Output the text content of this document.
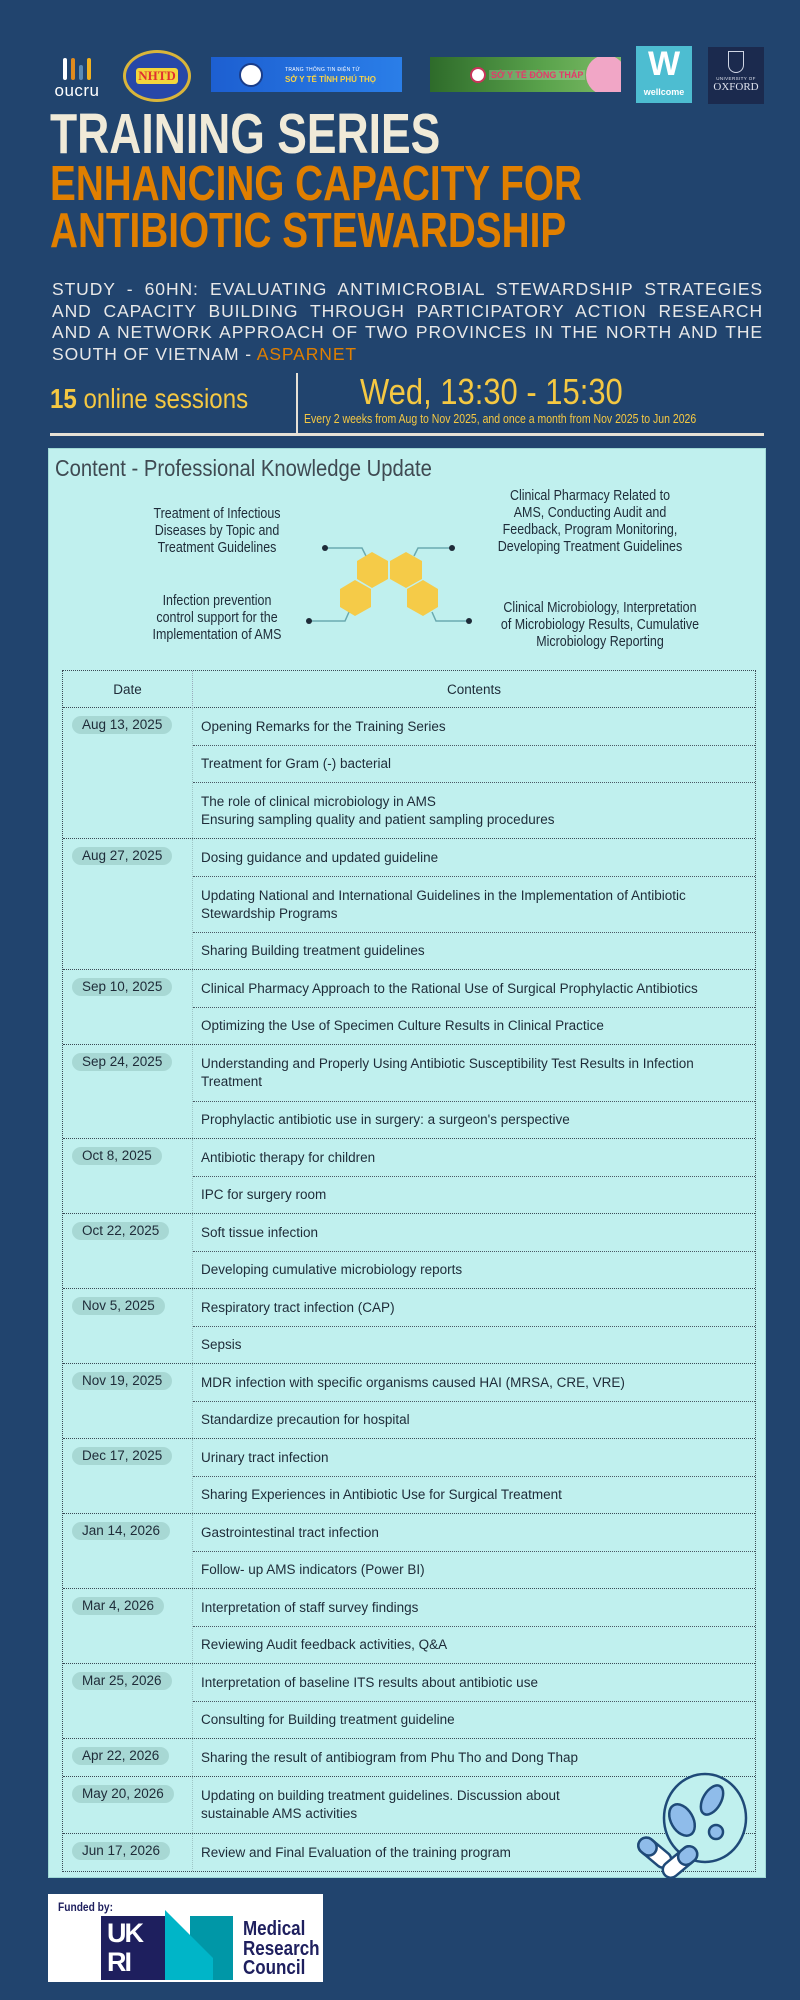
oucru
NHTD	TRANG THÔNG TIN ĐIỆN TỬ
SỞ Y TẾ TỈNH PHÚ THỌ	SỞ Y TẾ ĐỒNG THÁP	W
wellcome
UNIVERSITY OF
OXFORD
TRAINING SERIES
ENHANCING CAPACITY FOR
ANTIBIOTIC STEWARDSHIP
STUDY - 60HN: EVALUATING ANTIMICROBIAL STEWARDSHIP STRATEGIES AND CAPACITY BUILDING THROUGH PARTICIPATORY ACTION RESEARCH AND A NETWORK APPROACH OF TWO PROVINCES IN THE NORTH AND THE SOUTH OF VIETNAM - ASPARNET
15 online sessions	Wed, 13:30 - 15:30
Every 2 weeks from Aug to Nov 2025, and once a month from Nov 2025 to Jun 2026
Content - Professional Knowledge Update
Treatment of Infectious
Diseases by Topic and
Treatment Guidelines
Clinical Pharmacy Related to
AMS, Conducting Audit and
Feedback, Program Monitoring,
Developing Treatment Guidelines
Infection prevention
control support for the
Implementation of AMS
Clinical Microbiology, Interpretation
of Microbiology Results, Cumulative
Microbiology Reporting
Date	Contents
Aug 13, 2025	Opening Remarks for the Training Series
Treatment for Gram (-) bacterial
The role of clinical microbiology in AMS
Ensuring sampling quality and patient sampling procedures
Aug 27, 2025	Dosing guidance and updated guideline
Updating National and International Guidelines in the Implementation of Antibiotic Stewardship Programs
Sharing Building treatment guidelines
Sep 10, 2025	Clinical Pharmacy Approach to the Rational Use of Surgical Prophylactic Antibiotics
Optimizing the Use of Specimen Culture Results in Clinical Practice
Sep 24, 2025	Understanding and Properly Using Antibiotic Susceptibility Test Results in Infection Treatment
Prophylactic antibiotic use in surgery: a surgeon's perspective
Oct 8, 2025	Antibiotic therapy for children
IPC for surgery room
Oct 22, 2025	Soft tissue infection
Developing cumulative microbiology reports
Nov 5, 2025	Respiratory tract infection (CAP)
Sepsis
Nov 19, 2025	MDR infection with specific organisms caused HAI (MRSA, CRE, VRE)
Standardize precaution for hospital
Dec 17, 2025	Urinary tract infection
Sharing Experiences in Antibiotic Use for Surgical Treatment
Jan 14, 2026	Gastrointestinal tract infection
Follow- up AMS indicators (Power BI)
Mar 4, 2026	Interpretation of staff survey findings
Reviewing Audit feedback activities, Q&A
Mar 25, 2026	Interpretation of baseline ITS results about antibiotic use
Consulting for Building treatment guideline
Apr 22, 2026	Sharing the result of antibiogram from Phu Tho and Dong Thap
May 20, 2026	Updating on building treatment guidelines. Discussion about sustainable AMS activities
Jun 17, 2026	Review and Final Evaluation of the training program
Funded by:
UKRI
Medical
Research
Council
